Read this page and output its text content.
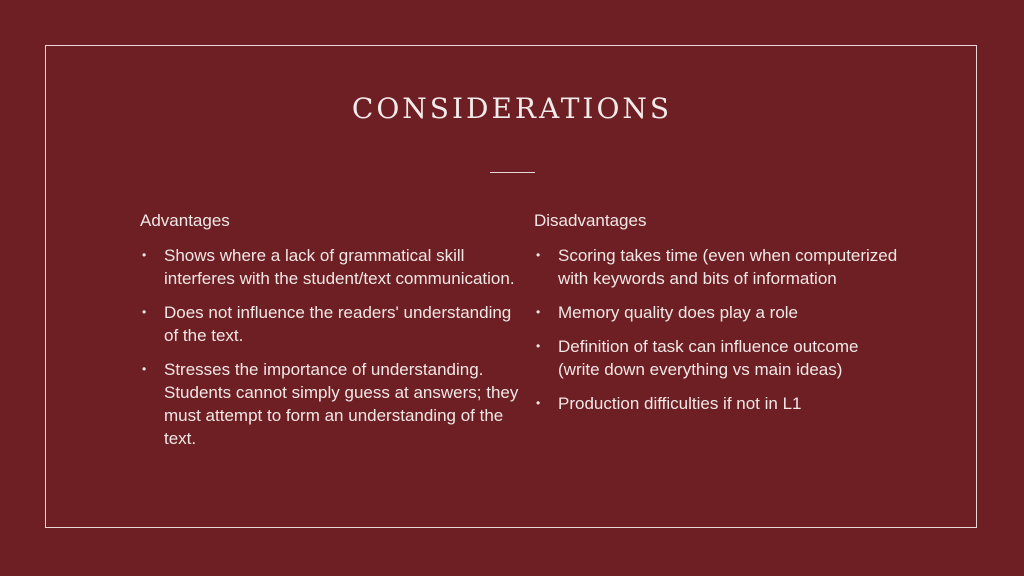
CONSIDERATIONS
Advantages
• Shows where a lack of grammatical skill interferes with the student/text communication.
• Does not influence the readers' understanding of the text.
• Stresses the importance of understanding. Students cannot simply guess at answers; they must attempt to form an understanding of the text.
Disadvantages
• Scoring takes time (even when computerized with keywords and bits of information
• Memory quality does play a role
• Definition of task can influence outcome (write down everything vs main ideas)
• Production difficulties if not in L1
